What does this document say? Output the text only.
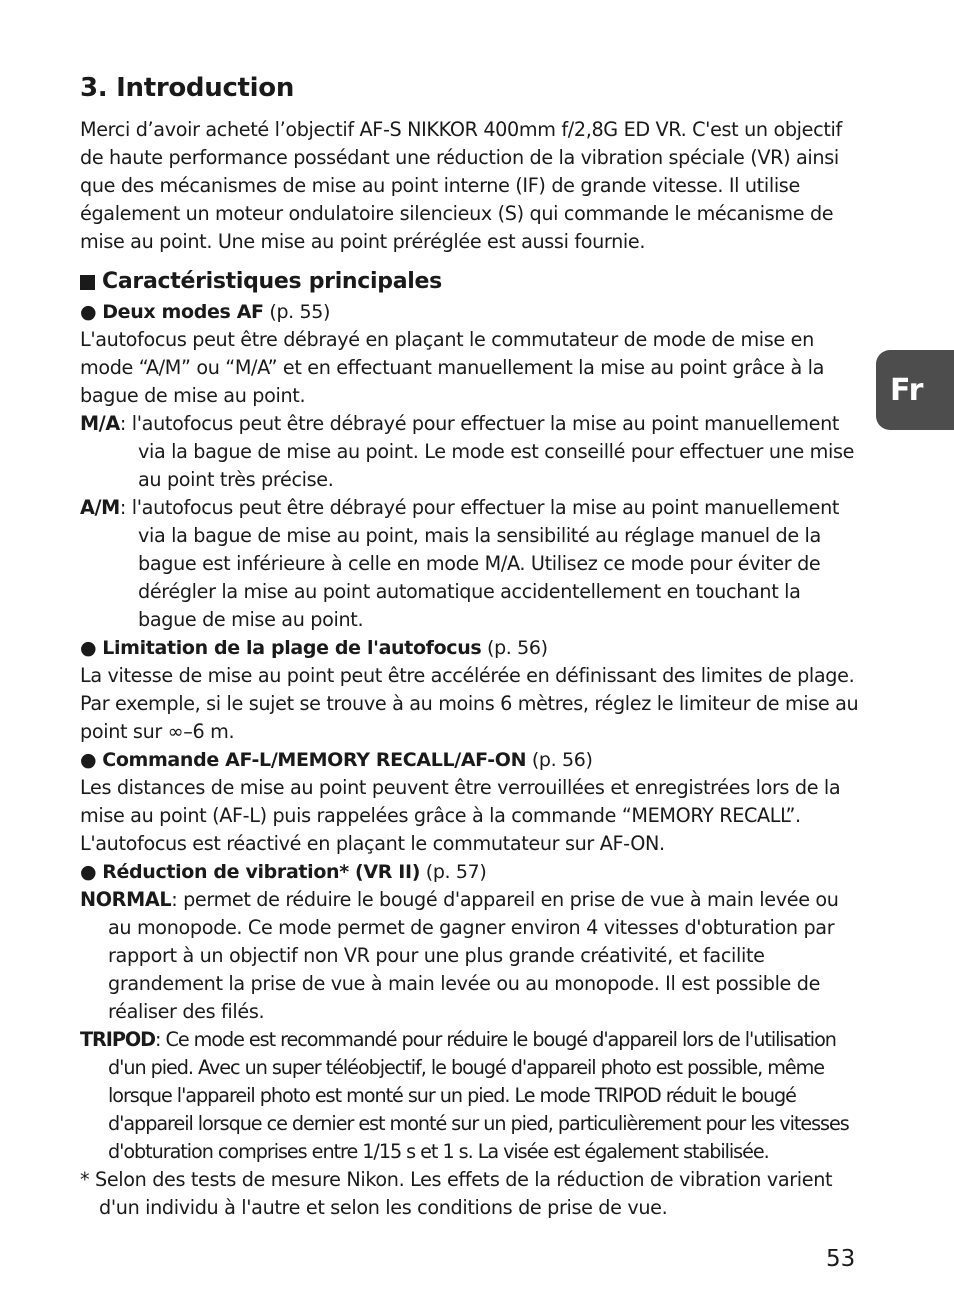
3. Introduction

Merci d’avoir acheté l’objectif AF-S NIKKOR 400mm f/2,8G ED VR. C'est un objectif de haute performance possédant une réduction de la vibration spéciale (VR) ainsi que des mécanismes de mise au point interne (IF) de grande vitesse. Il utilise également un moteur ondulatoire silencieux (S) qui commande le mécanisme de mise au point. Une mise au point préréglée est aussi fournie.

Caractéristiques principales

● Deux modes AF (p. 55)

L'autofocus peut être débrayé en plaçant le commutateur de mode de mise en mode “A/M” ou “M/A” et en effectuant manuellement la mise au point grâce à la bague de mise au point.

M/A: l'autofocus peut être débrayé pour effectuer la mise au point manuellement via la bague de mise au point. Le mode est conseillé pour effectuer une mise au point très précise.

A/M: l'autofocus peut être débrayé pour effectuer la mise au point manuellement via la bague de mise au point, mais la sensibilité au réglage manuel de la bague est inférieure à celle en mode M/A. Utilisez ce mode pour éviter de dérégler la mise au point automatique accidentellement en touchant la bague de mise au point.

● Limitation de la plage de l'autofocus (p. 56)

La vitesse de mise au point peut être accélérée en définissant des limites de plage. Par exemple, si le sujet se trouve à au moins 6 mètres, réglez le limiteur de mise au point sur ∞–6 m.

● Commande AF-L/MEMORY RECALL/AF-ON (p. 56)

Les distances de mise au point peuvent être verrouillées et enregistrées lors de la mise au point (AF-L) puis rappelées grâce à la commande “MEMORY RECALL”. L'autofocus est réactivé en plaçant le commutateur sur AF-ON.

● Réduction de vibration* (VR II) (p. 57)

NORMAL: permet de réduire le bougé d'appareil en prise de vue à main levée ou au monopode. Ce mode permet de gagner environ 4 vitesses d'obturation par rapport à un objectif non VR pour une plus grande créativité, et facilite grandement la prise de vue à main levée ou au monopode. Il est possible de réaliser des filés.

TRIPOD: Ce mode est recommandé pour réduire le bougé d'appareil lors de l'utilisation d'un pied. Avec un super téléobjectif, le bougé d'appareil photo est possible, même lorsque l'appareil photo est monté sur un pied. Le mode TRIPOD réduit le bougé d'appareil lorsque ce dernier est monté sur un pied, particulièrement pour les vitesses d'obturation comprises entre 1/15 s et 1 s. La visée est également stabilisée.

* Selon des tests de mesure Nikon. Les effets de la réduction de vibration varient d'un individu à l'autre et selon les conditions de prise de vue.

Fr
53
